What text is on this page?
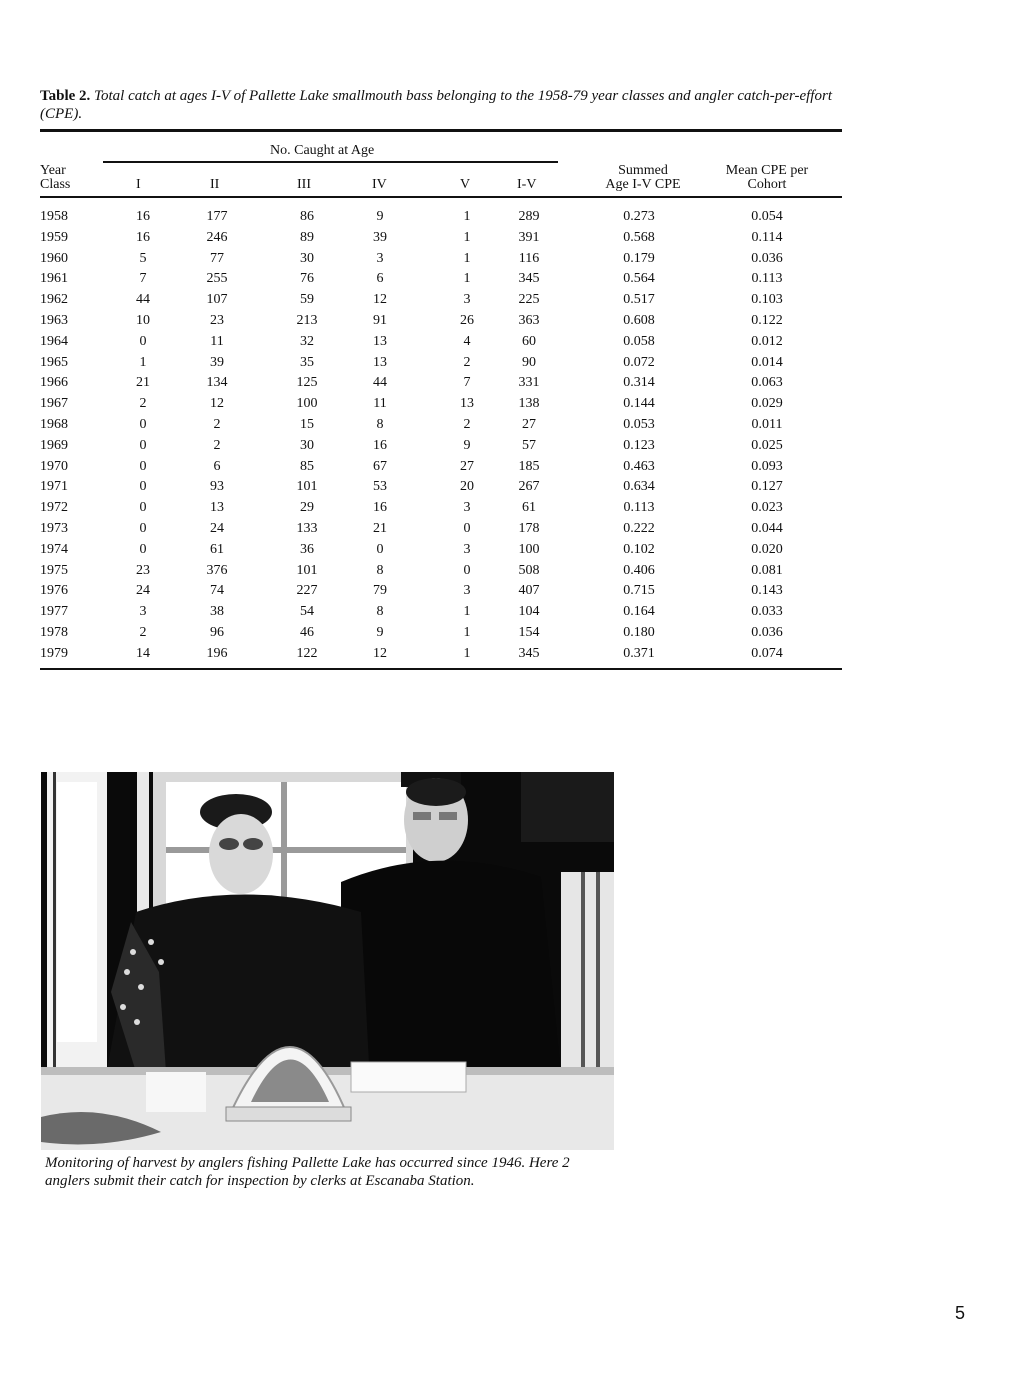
Table 2. Total catch at ages I-V of Pallette Lake smallmouth bass belonging to the 1958-79 year classes and angler catch-per-effort
(CPE).
No. Caught at Age
Year
Class	I	II	III	IV	V	I-V
Summed
Age I-V CPE
Mean CPE per
Cohort
1958	16	177	86	9	1	289	0.273	0.054
1959	16	246	89	39	1	391	0.568	0.114
1960	5	77	30	3	1	116	0.179	0.036
1961	7	255	76	6	1	345	0.564	0.113
1962	44	107	59	12	3	225	0.517	0.103
1963	10	23	213	91	26	363	0.608	0.122
1964	0	11	32	13	4	60	0.058	0.012
1965	1	39	35	13	2	90	0.072	0.014
1966	21	134	125	44	7	331	0.314	0.063
1967	2	12	100	11	13	138	0.144	0.029
1968	0	2	15	8	2	27	0.053	0.011
1969	0	2	30	16	9	57	0.123	0.025
1970	0	6	85	67	27	185	0.463	0.093
1971	0	93	101	53	20	267	0.634	0.127
1972	0	13	29	16	3	61	0.113	0.023
1973	0	24	133	21	0	178	0.222	0.044
1974	0	61	36	0	3	100	0.102	0.020
1975	23	376	101	8	0	508	0.406	0.081
1976	24	74	227	79	3	407	0.715	0.143
1977	3	38	54	8	1	104	0.164	0.033
1978	2	96	46	9	1	154	0.180	0.036
1979	14	196	122	12	1	345	0.371	0.074
Monitoring of harvest by anglers fishing Pallette Lake has occurred since 1946. Here 2
anglers submit their catch for inspection by clerks at Escanaba Station.
5
